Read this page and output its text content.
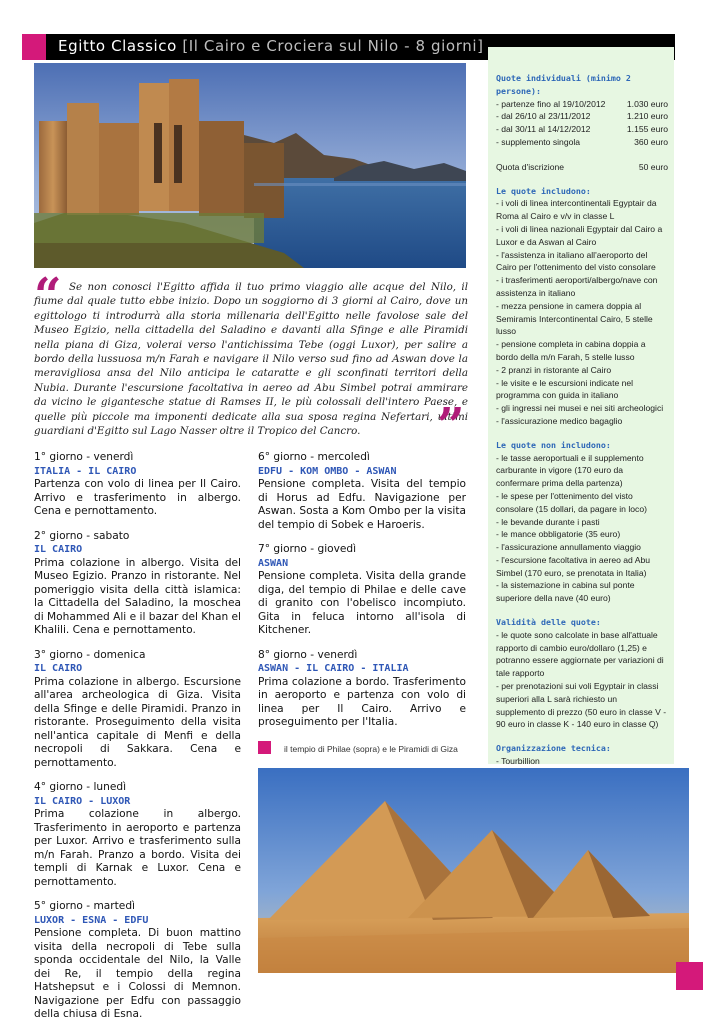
Egitto Classico [Il Cairo e Crociera sul Nilo - 8 giorni]
“ Se non conosci l'Egitto affida il tuo primo viaggio alle acque del Nilo, il fiume dal quale tutto ebbe inizio. Dopo un soggiorno di 3 giorni al Cairo, dove un egittologo ti introdurrà alla storia millenaria dell'Egitto nelle favolose sale del Museo Egizio, nella cittadella del Saladino e davanti alla Sfinge e alle Piramidi nella piana di Giza, volerai verso l'antichissima Tebe (oggi Luxor), per salire a bordo della lussuosa m/n Farah e navigare il Nilo verso sud fino ad Aswan dove la meravigliosa ansa del Nilo anticipa le cataratte e gli sconfinati territori della Nubia. Durante l'escursione facoltativa in aereo ad Abu Simbel potrai ammirare da vicino le gigantesche statue di Ramses II, le più colossali dell'intero Paese, e quelle più piccole ma imponenti dedicate alla sua sposa regina Nefertari, ultimi guardiani d'Egitto sul Lago Nasser oltre il Tropico del Cancro.	”
1° giorno - venerdì
ITALIA - IL CAIRO
Partenza con volo di linea per Il Cairo. Arrivo e trasferimento in albergo. Cena e pernottamento.
2° giorno - sabato
IL CAIRO
Prima colazione in albergo. Visita del Museo Egizio. Pranzo in ristorante. Nel pomeriggio visita della città islamica: la Cittadella del Saladino, la moschea di Mohammed Ali e il bazar del Khan el Khalili. Cena e pernottamento.
3° giorno - domenica
IL CAIRO
Prima colazione in albergo. Escursione all'area archeologica di Giza. Visita della Sfinge e delle Piramidi. Pranzo in ristorante. Proseguimento della visita nell'antica capitale di Menfi e della necropoli di Sakkara. Cena e pernottamento.
4° giorno - lunedì
IL CAIRO - LUXOR
Prima colazione in albergo. Trasferimento in aeroporto e partenza per Luxor. Arrivo e trasferimento sulla m/n Farah. Pranzo a bordo. Visita dei templi di Karnak e Luxor. Cena e pernottamento.
5° giorno - martedì
LUXOR - ESNA - EDFU
Pensione completa. Di buon mattino visita della necropoli di Tebe sulla sponda occidentale del Nilo, la Valle dei Re, il tempio della regina Hatshepsut e i Colossi di Memnon. Navigazione per Edfu con passaggio della chiusa di Esna.
6° giorno - mercoledì
EDFU - KOM OMBO - ASWAN
Pensione completa. Visita del tempio di Horus ad Edfu. Navigazione per Aswan. Sosta a Kom Ombo per la visita del tempio di Sobek e Haroeris.
7° giorno - giovedì
ASWAN
Pensione completa. Visita della grande diga, del tempio di Philae e delle cave di granito con l'obelisco incompiuto. Gita in feluca intorno all'isola di Kitchener.
8° giorno - venerdì
ASWAN - IL CAIRO - ITALIA
Prima colazione a bordo. Trasferimento in aeroporto e partenza con volo di linea per Il Cairo. Arrivo e proseguimento per l'Italia.
il tempio di Philae (sopra) e le Piramidi di Giza
Quote individuali (minimo 2 persone):
- partenze fino al 19/10/2012 1.030 euro
- dal 26/10 al 23/11/2012	1.210 euro
- dal 30/11 al 14/12/2012	1.155 euro
- supplemento singola	360 euro
Quota d'iscrizione	50 euro
Le quote includono:
- i voli di linea intercontinentali Egyptair da Roma al Cairo e v/v in classe L
- i voli di linea nazionali Egyptair dal Cairo a Luxor e da Aswan al Cairo
- l'assistenza in italiano all'aeroporto del Cairo per l'ottenimento del visto consolare
- i trasferimenti aeroporti/albergo/nave con assistenza in italiano
- mezza pensione in camera doppia al Semiramis Intercontinental Cairo, 5 stelle lusso
- pensione completa in cabina doppia a bordo della m/n Farah, 5 stelle lusso
- 2 pranzi in ristorante al Cairo
- le visite e le escursioni indicate nel programma con guida in italiano
- gli ingressi nei musei e nei siti archeologici
- l'assicurazione medico bagaglio
Le quote non includono:
- le tasse aeroportuali e il supplemento carburante in vigore (170 euro da confermare prima della partenza)
- le spese per l'ottenimento del visto consolare (15 dollari, da pagare in loco)
- le bevande durante i pasti
- le mance obbligatorie (35 euro)
- l'assicurazione annullamento viaggio
- l'escursione facoltativa in aereo ad Abu Simbel (170 euro, se prenotata in Italia)
- la sistemazione in cabina sul ponte superiore della nave (40 euro)
Validità delle quote:
- le quote sono calcolate in base all'attuale rapporto di cambio euro/dollaro (1,25) e potranno essere aggiornate per variazioni di tale rapporto
- per prenotazioni sui voli Egyptair in classi superiori alla L sarà richiesto un supplemento di prezzo (50 euro in classe V - 90 euro in classe K - 140 euro in classe Q)
Organizzazione tecnica:
- Tourbillion
